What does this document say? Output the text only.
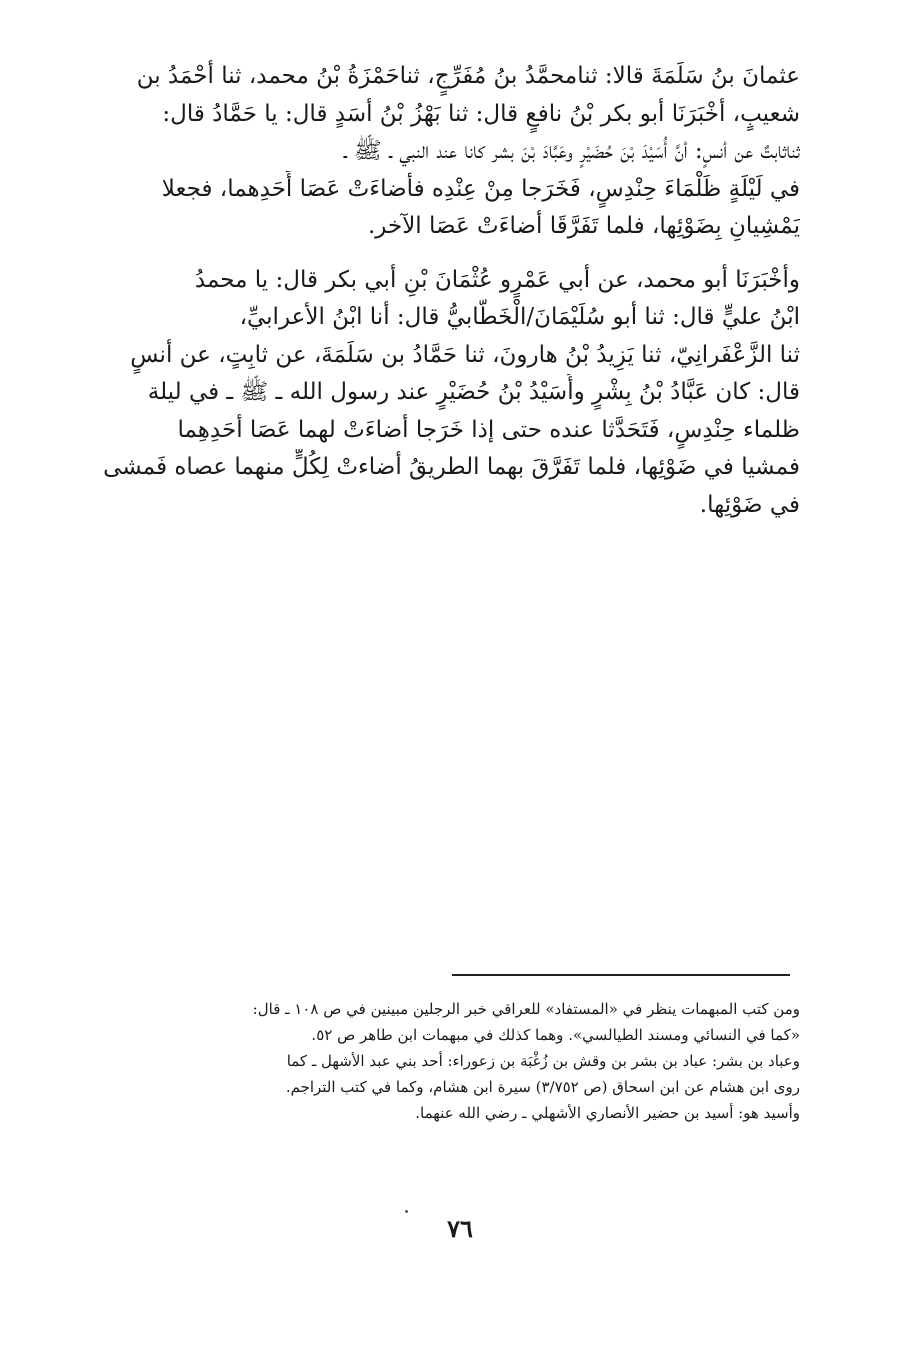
عثمانَ بنُ سَلَمَةَ قالا: ثنامحمَّدُ بنُ مُفَرِّجٍ، ثناحَمْزَةُ بْنُ محمد، ثنا أحْمَدُ بن
شعيبٍ، أخْبَرَنَا أبو بكر بْنُ نافعٍ قال: ثنا بَهْزُ بْنُ أسَدٍ قال: يا حَمَّادُ قال:
ثناثابتٌ عن أنسٍ: أنَّ أُسَيْدَ بْنَ حُضَيْرٍ وعَبَّادَ بْنَ بشر كانا عند النبي ـ ﷺ ـ
في لَيْلَةٍ ظَلْمَاءَ حِنْدِسٍ، فَخَرَجا مِنْ عِنْدِه فأضاءَتْ عَصَا أَحَدِهما، فجعلا
يَمْشِيانِ بِضَوْئِها، فلما تَفَرَّقَا أضاءَتْ عَصَا الآخر.

وأخْبَرَنَا أبو محمد، عن أبي عَمْرٍو عُثْمَانَ بْنِ أبي بكر قال: يا محمدُ
ابْنُ عليٍّ قال: ثنا أبو سُلَيْمَانَ/الْخَطَّابيُّ قال: أنا ابْنُ الأعرابيِّ،
ثنا الزَّعْفَرانِيّ، ثنا يَزِيدُ بْنُ هارونَ، ثنا حَمَّادُ بن سَلَمَةَ، عن ثابِتٍ، عن أنسٍ
قال: كان عَبَّادُ بْنُ بِشْرٍ وأُسَيْدُ بْنُ حُضَيْرٍ عند رسول الله ـ ﷺ ـ في ليلة
ظلماء حِنْدِسٍ، فَتَحَدَّثا عنده حتى إذا خَرَجا أضاءَتْ لهما عَصَا أحَدِهِما
فمشيا في ضَوْئِها، فلما تَفَرَّقَ بهما الطريقُ أضاءتْ لِكُلٍّ منهما عصاه فَمشى
في ضَوْئِها.

ومن كتب المبهمات ينظر في «المستفاد» للعراقي خبر الرجلين مبينين في ص ١٠٨ ـ قال:
«كما في النسائي ومسند الطيالسي». وهما كذلك في مبهمات ابن طاهر ص ٥٢.

وعباد بن بشر: عباد بن بشر بن وقش بن زُغْبَة بن زعوراء: أحد بني عبد الأشهل ـ كما
روى ابن هشام عن ابن اسحاق (ص ٣/٧٥٢) سيرة ابن هشام، وكما في كتب التراجم.

وأسيد هو: أسيد بن حضير الأنصاري الأشهلي ـ رضي الله عنهما.

٧٦
